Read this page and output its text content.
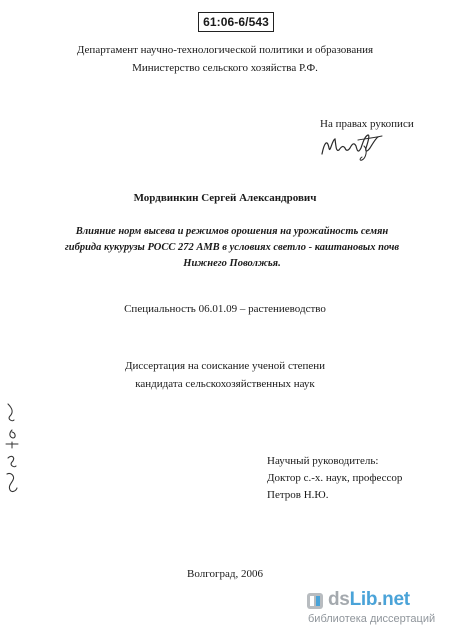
61:06-6/543
Департамент научно-технологической политики и образования
Министерство сельского хозяйства Р.Ф.
На правах рукописи
Мордвинкин Сергей Александрович
Влияние норм высева и режимов орошения на урожайность семян
гибрида кукурузы РОСС 272 АМВ в условиях светло - каштановых почв
Нижнего Поволжья.
Специальность 06.01.09 – растениеводство
Диссертация на соискание ученой степени
кандидата сельскохозяйственных наук
Научный руководитель:
Доктор с.-х. наук, профессор
Петров Н.Ю.
Волгоград, 2006
dsLib.net
библиотека диссертаций
